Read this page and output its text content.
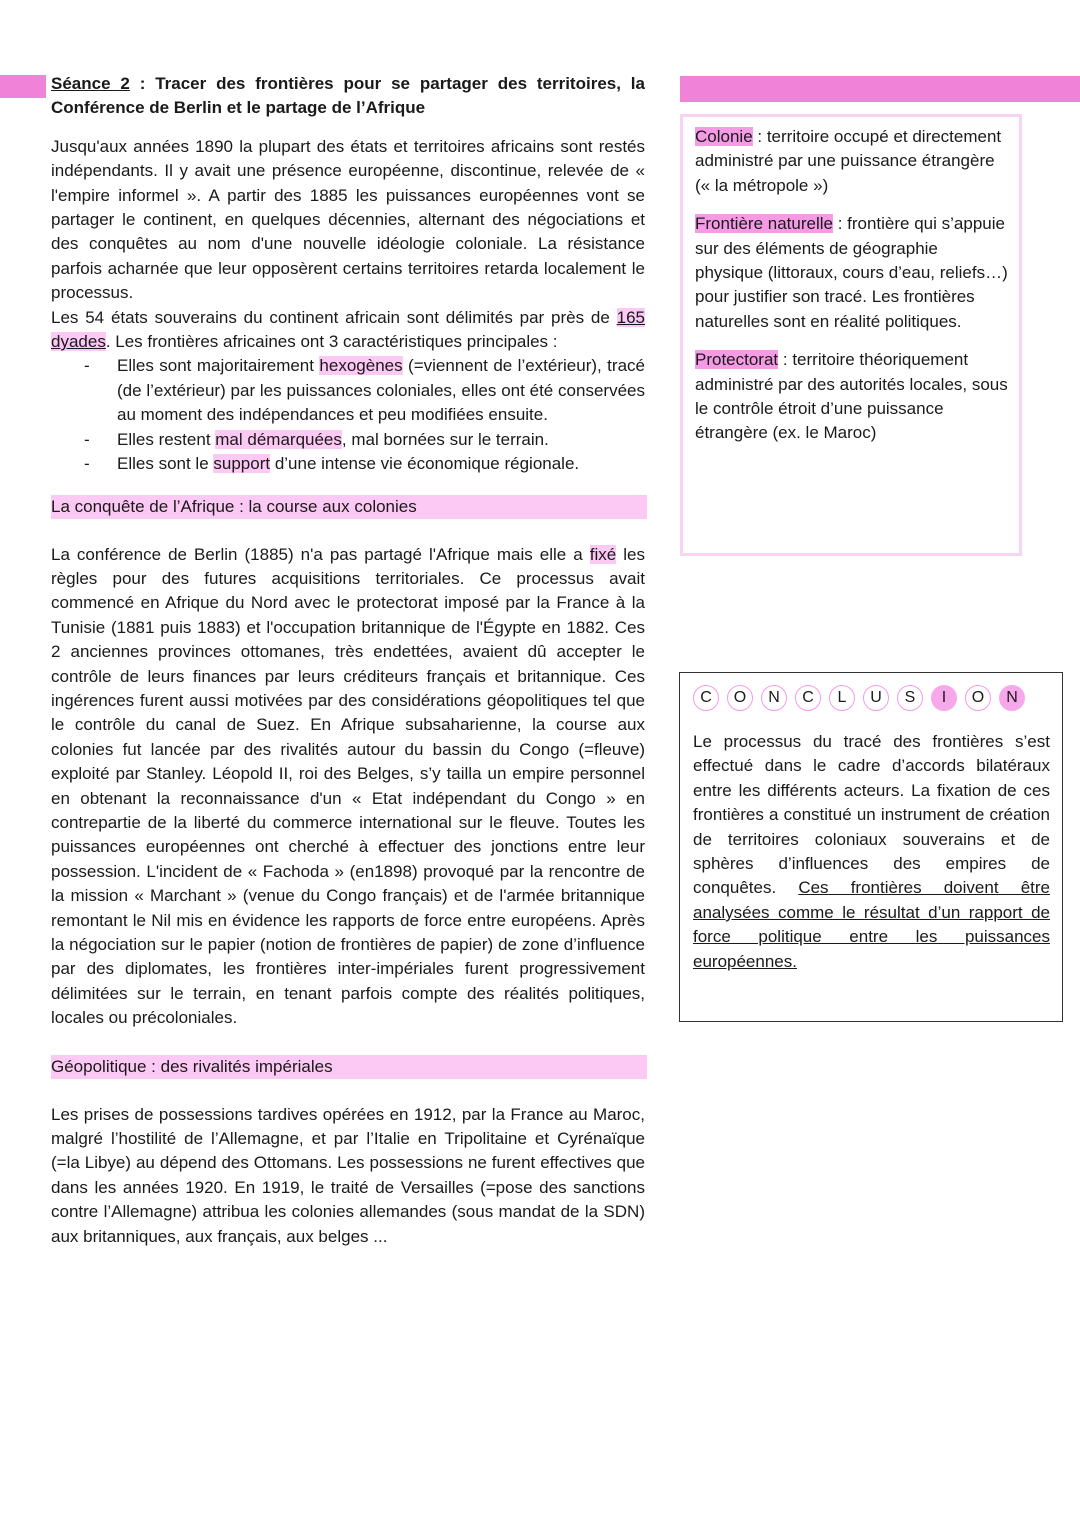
Séance 2 : Tracer des frontières pour se partager des territoires, la Conférence de Berlin et le partage de l’Afrique

Jusqu'aux années 1890 la plupart des états et territoires africains sont restés indépendants. Il y avait une présence européenne, discontinue, relevée de « l'empire informel ». A partir des 1885 les puissances européennes vont se partager le continent, en quelques décennies, alternant des négociations et des conquêtes au nom d'une nouvelle idéologie coloniale. La résistance parfois acharnée que leur opposèrent certains territoires retarda localement le processus.

Les 54 états souverains du continent africain sont délimités par près de 165 dyades. Les frontières africaines ont 3 caractéristiques principales :

- Elles sont majoritairement hexogènes (=viennent de l’extérieur), tracé (de l’extérieur) par les puissances coloniales, elles ont été conservées au moment des indépendances et peu modifiées ensuite.
- Elles restent mal démarquées, mal bornées sur le terrain.
- Elles sont le support d’une intense vie économique régionale.
La conquête de l’Afrique : la course aux colonies

La conférence de Berlin (1885) n'a pas partagé l'Afrique mais elle a fixé les règles pour des futures acquisitions territoriales. Ce processus avait commencé en Afrique du Nord avec le protectorat imposé par la France à la Tunisie (1881 puis 1883) et l'occupation britannique de l'Égypte en 1882. Ces 2 anciennes provinces ottomanes, très endettées, avaient dû accepter le contrôle de leurs finances par leurs créditeurs français et britannique. Ces ingérences furent aussi motivées par des considérations géopolitiques tel que le contrôle du canal de Suez. En Afrique subsaharienne, la course aux colonies fut lancée par des rivalités autour du bassin du Congo (=fleuve) exploité par Stanley. Léopold II, roi des Belges, s’y tailla un empire personnel en obtenant la reconnaissance d'un « Etat indépendant du Congo » en contrepartie de la liberté du commerce international sur le fleuve. Toutes les puissances européennes ont cherché à effectuer des jonctions entre leur possession. L'incident de « Fachoda » (en1898) provoqué par la rencontre de la mission « Marchant » (venue du Congo français) et de l'armée britannique remontant le Nil mis en évidence les rapports de force entre européens. Après la négociation sur le papier (notion de frontières de papier) de zone d’influence par des diplomates, les frontières inter-impériales furent progressivement délimitées sur le terrain, en tenant parfois compte des réalités politiques, locales ou précoloniales.

Géopolitique : des rivalités impériales

Les prises de possessions tardives opérées en 1912, par la France au Maroc, malgré l’hostilité de l’Allemagne, et par l’Italie en Tripolitaine et Cyrénaïque (=la Libye) au dépend des Ottomans. Les possessions ne furent effectives que dans les années 1920. En 1919, le traité de Versailles (=pose des sanctions contre l’Allemagne) attribua les colonies allemandes (sous mandat de la SDN) aux britanniques, aux français, aux belges ...

Colonie : territoire occupé et directement administré par une puissance étrangère (« la métropole »)

Frontière naturelle : frontière qui s’appuie sur des éléments de géographie physique (littoraux, cours d’eau, reliefs…) pour justifier son tracé. Les frontières naturelles sont en réalité politiques.

Protectorat : territoire théoriquement administré par des autorités locales, sous le contrôle étroit d’une puissance étrangère (ex. le Maroc)

C	O	N	C	L	U	S	I	O	N

Le processus du tracé des frontières s’est effectué dans le cadre d’accords bilatéraux entre les différents acteurs. La fixation de ces frontières a constitué un instrument de création de territoires coloniaux souverains et de sphères d’influences des empires de conquêtes. Ces frontières doivent être analysées comme le résultat d’un rapport de force politique entre les puissances européennes.
